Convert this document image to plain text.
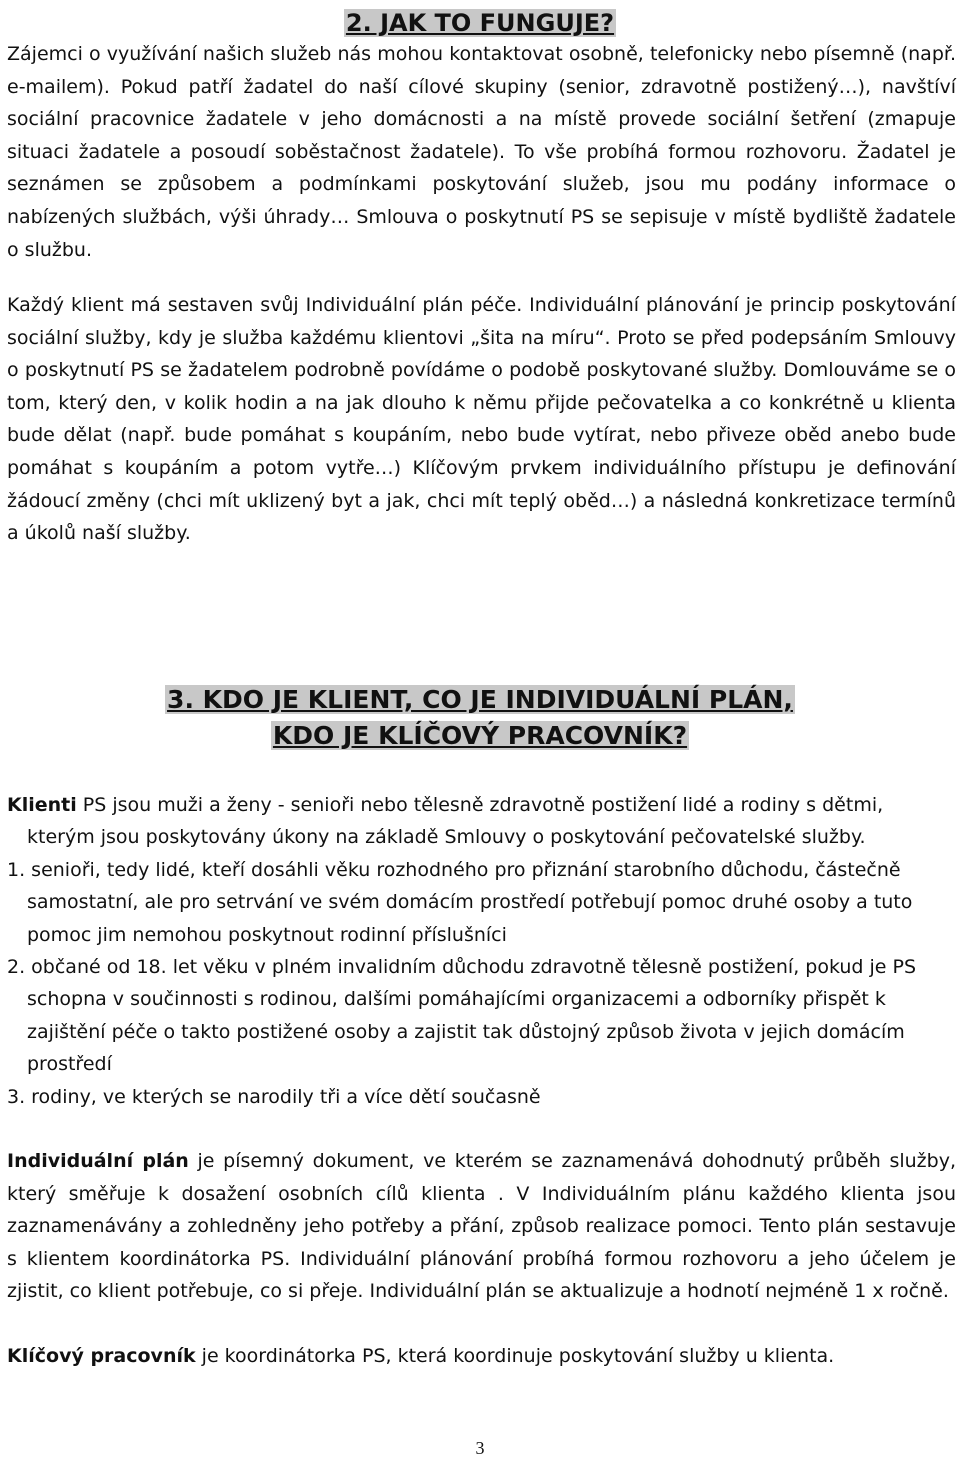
2. JAK TO FUNGUJE?

Zájemci o využívání našich služeb nás mohou kontaktovat osobně, telefonicky nebo písemně (např. e-mailem). Pokud patří žadatel do naší cílové skupiny (senior, zdravotně postižený…), navštíví sociální pracovnice žadatele v jeho domácnosti a na místě provede sociální šetření (zmapuje situaci žadatele a posoudí soběstačnost žadatele). To vše probíhá formou rozhovoru. Žadatel je seznámen se způsobem a podmínkami poskytování služeb, jsou mu podány informace o nabízených službách, výši úhrady… Smlouva o poskytnutí PS se sepisuje v místě bydliště žadatele o službu.

Každý klient má sestaven svůj Individuální plán péče. Individuální plánování je princip poskytování sociální služby, kdy je služba každému klientovi „šita na míru“. Proto se před podepsáním Smlouvy o poskytnutí PS se žadatelem podrobně povídáme o podobě poskytované služby. Domlouváme se o tom, který den, v kolik hodin a na jak dlouho k němu přijde pečovatelka a co konkrétně u klienta bude dělat (např. bude pomáhat s koupáním, nebo bude vytírat, nebo přiveze oběd anebo bude pomáhat s koupáním a potom vytře…) Klíčovým prvkem individuálního přístupu je definování žádoucí změny (chci mít uklizený byt a jak, chci mít teplý oběd…) a následná konkretizace termínů a úkolů naší služby.

3. KDO JE KLIENT, CO JE INDIVIDUÁLNÍ PLÁN,
KDO JE KLÍČOVÝ PRACOVNÍK?
Klienti PS jsou muži a ženy - senioři nebo tělesně zdravotně postižení lidé a rodiny s dětmi, kterým jsou poskytovány úkony na základě Smlouvy o poskytování pečovatelské služby.
1. senioři, tedy lidé, kteří dosáhli věku rozhodného pro přiznání starobního důchodu, částečně samostatní, ale pro setrvání ve svém domácím prostředí potřebují pomoc druhé osoby a tuto pomoc jim nemohou poskytnout rodinní příslušníci
2. občané od 18. let věku v plném invalidním důchodu zdravotně tělesně postižení, pokud je PS schopna v součinnosti s rodinou, dalšími pomáhajícími organizacemi a odborníky přispět k zajištění péče o takto postižené osoby a zajistit tak důstojný způsob života v jejich domácím prostředí
3. rodiny, ve kterých se narodily tři a více dětí současně

Individuální plán je písemný dokument, ve kterém se zaznamenává dohodnutý průběh služby, který směřuje k dosažení osobních cílů klienta . V Individuálním plánu každého klienta jsou zaznamenávány a zohledněny jeho potřeby a přání, způsob realizace pomoci. Tento plán sestavuje s klientem koordinátorka PS. Individuální plánování probíhá formou rozhovoru a jeho účelem je zjistit, co klient potřebuje, co si přeje. Individuální plán se aktualizuje a hodnotí nejméně 1 x ročně.

Klíčový pracovník je koordinátorka PS, která koordinuje poskytování služby u klienta.

3
